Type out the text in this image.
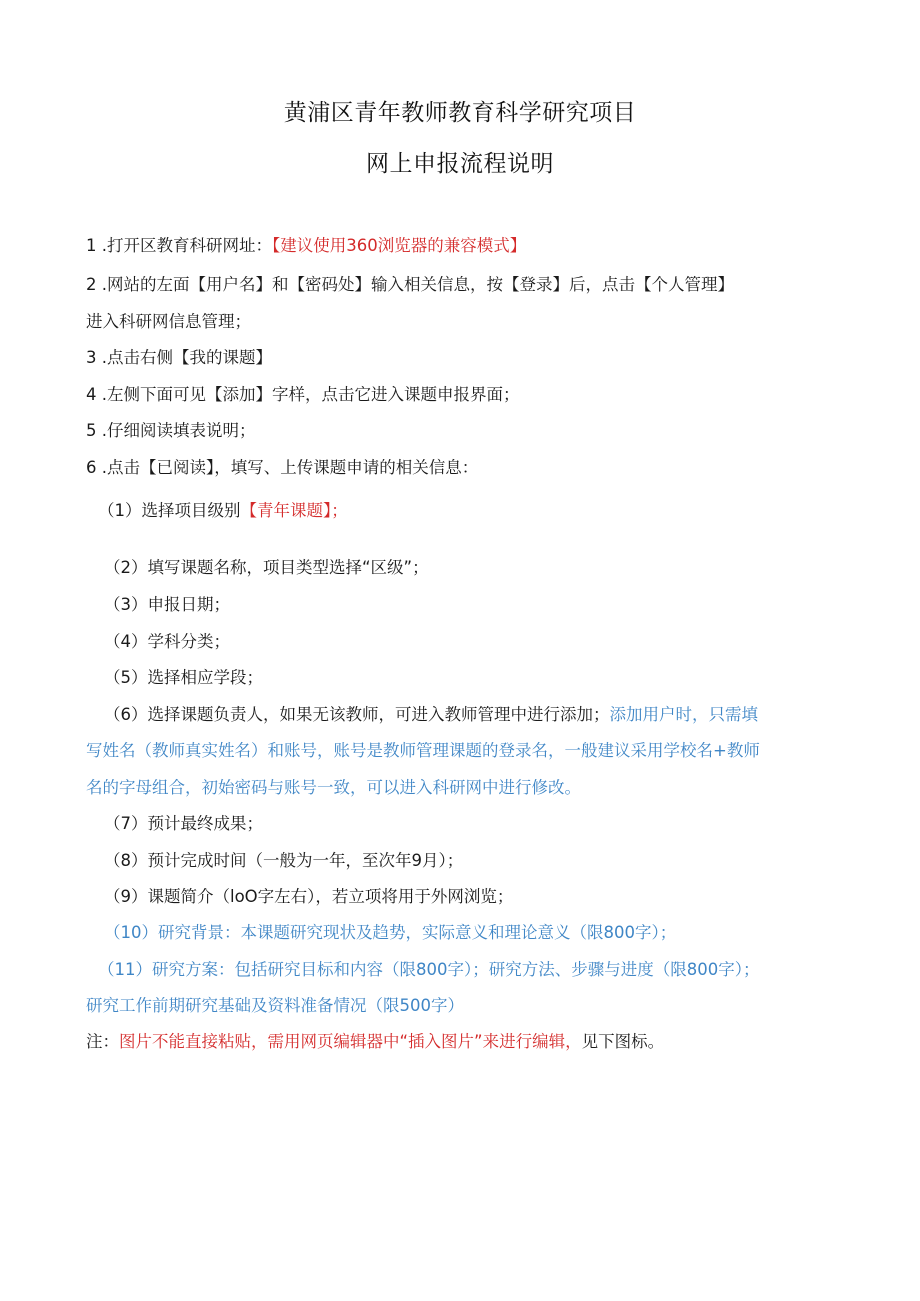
黄浦区青年教师教育科学研究项目
网上申报流程说明
1 .打开区教育科研网址：【建议使用360浏览器的兼容模式】
2 .网站的左面【用户名】和【密码处】输入相关信息，按【登录】后，点击【个人管理】
进入科研网信息管理；
3 .点击右侧【我的课题】
4 .左侧下面可见【添加】字样，点击它进入课题申报界面；
5 .仔细阅读填表说明；
6 .点击【已阅读】，填写、上传课题申请的相关信息：
（1）选择项目级别【青年课题】；
（2）填写课题名称，项目类型选择“区级”；
（3）申报日期；
（4）学科分类；
（5）选择相应学段；
（6）选择课题负责人，如果无该教师，可进入教师管理中进行添加；添加用户时，只需填
写姓名（教师真实姓名）和账号，账号是教师管理课题的登录名，一般建议采用学校名+教师
名的字母组合，初始密码与账号一致，可以进入科研网中进行修改。
（7）预计最终成果；
（8）预计完成时间（一般为一年，至次年9月）；
（9）课题简介（loO字左右），若立项将用于外网浏览；
（10）研究背景：本课题研究现状及趋势，实际意义和理论意义（限800字）；
（11）研究方案：包括研究目标和内容（限800字）；研究方法、步骤与进度（限800字）；
研究工作前期研究基础及资料准备情况（限500字）
注：图片不能直接粘贴，需用网页编辑器中“插入图片”来进行编辑，见下图标。
